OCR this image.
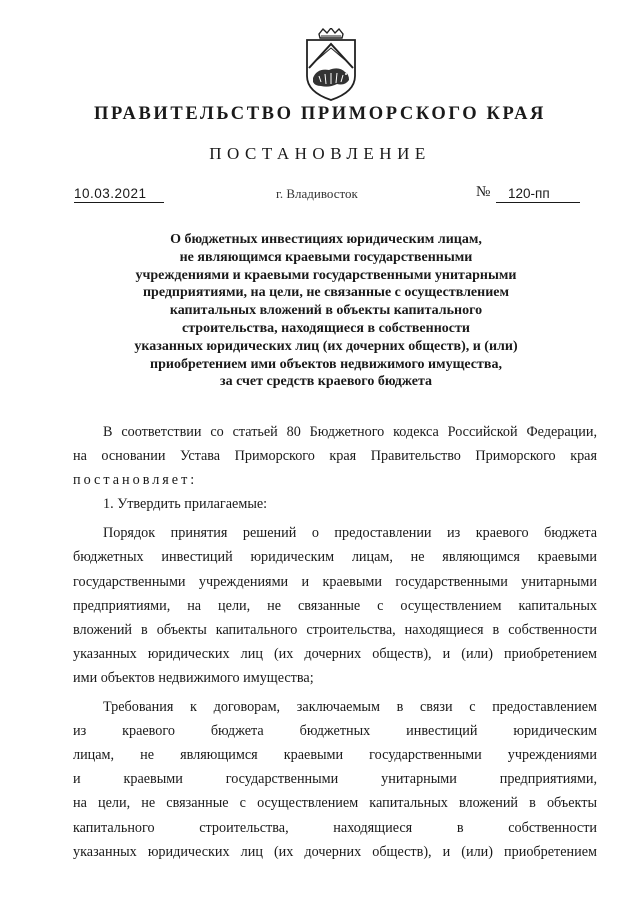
ПРАВИТЕЛЬСТВО ПРИМОРСКОГО КРАЯ
ПОСТАНОВЛЕНИЕ
10.03.2021	г. Владивосток	№	120-пп
О бюджетных инвестициях юридическим лицам,
не являющимся краевыми государственными
учреждениями и краевыми государственными унитарными
предприятиями, на цели, не связанные с осуществлением
капитальных вложений в объекты капитального
строительства, находящиеся в собственности
указанных юридических лиц (их дочерних обществ), и (или)
приобретением ими объектов недвижимого имущества,
за счет средств краевого бюджета

В соответствии со статьей 80 Бюджетного кодекса Российской Федерации,

на основании Устава Приморского края Правительство Приморского края

постановляет:

1. Утвердить прилагаемые:

Порядок принятия решений о предоставлении из краевого бюджета

бюджетных инвестиций юридическим лицам, не являющимся краевыми

государственными учреждениями и краевыми государственными унитарными

предприятиями, на цели, не связанные с осуществлением капитальных

вложений в объекты капитального строительства, находящиеся в собственности

указанных юридических лиц (их дочерних обществ), и (или) приобретением

ими объектов недвижимого имущества;

Требования к договорам, заключаемым в связи с предоставлением

из краевого бюджета бюджетных инвестиций юридическим

лицам, не являющимся краевыми государственными учреждениями

и краевыми государственными унитарными предприятиями,

на цели, не связанные с осуществлением капитальных вложений в объекты

капитального строительства, находящиеся в собственности

указанных юридических лиц (их дочерних обществ), и (или) приобретением
